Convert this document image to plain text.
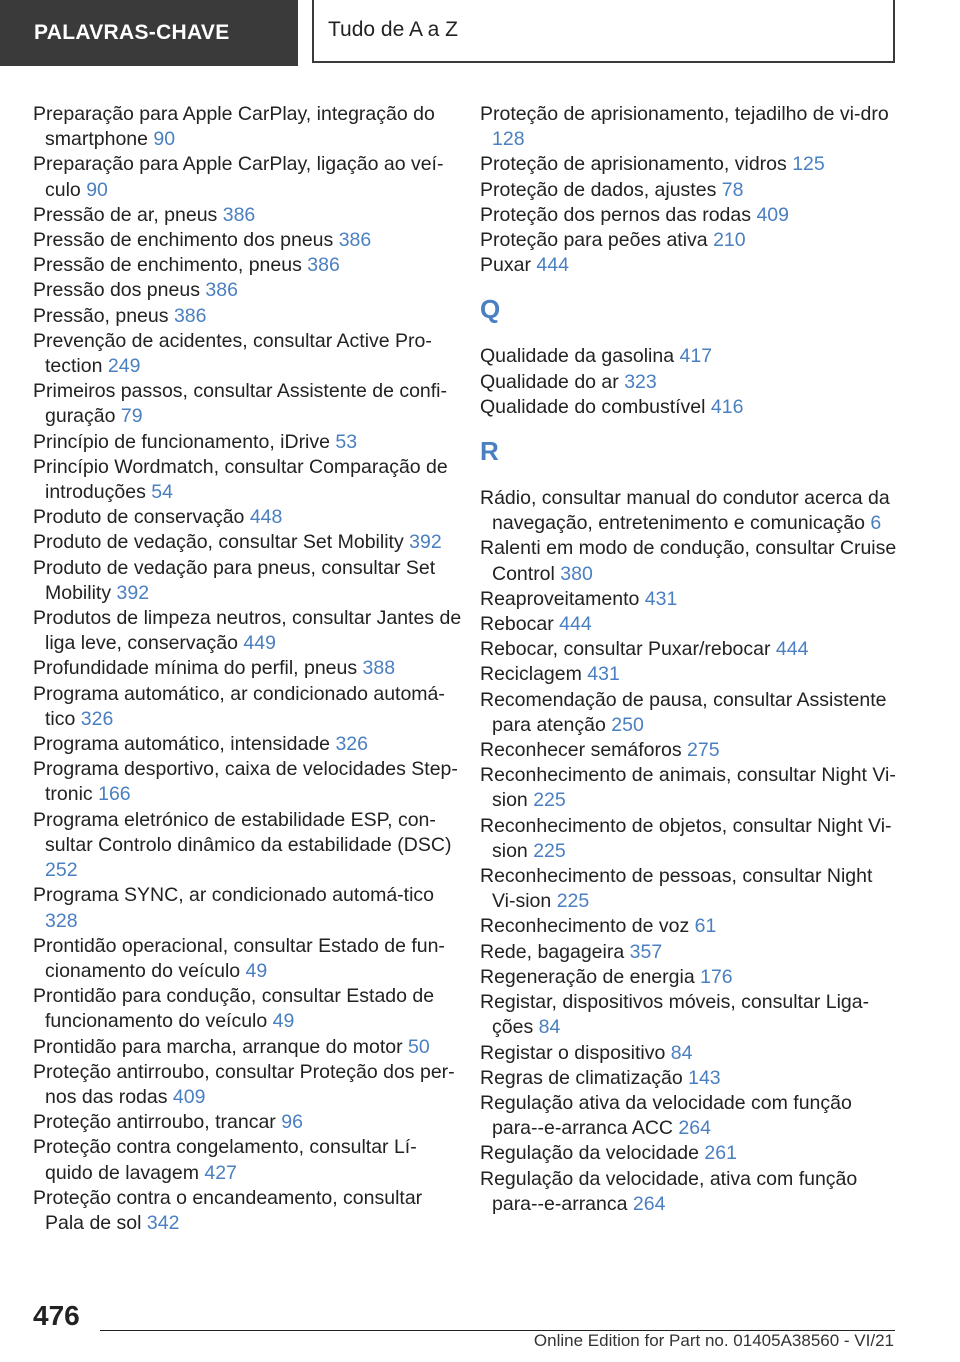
PALAVRAS-CHAVE	Tudo de A a Z
Preparação para Apple CarPlay, integração do smartphone 90
Preparação para Apple CarPlay, ligação ao veí-culo 90
Pressão de ar, pneus 386
Pressão de enchimento dos pneus 386
Pressão de enchimento, pneus 386
Pressão dos pneus 386
Pressão, pneus 386
Prevenção de acidentes, consultar Active Pro-tection 249
Primeiros passos, consultar Assistente de confi-guração 79
Princípio de funcionamento, iDrive 53
Princípio Wordmatch, consultar Comparação de introduções 54
Produto de conservação 448
Produto de vedação, consultar Set Mobility 392
Produto de vedação para pneus, consultar Set Mobility 392
Produtos de limpeza neutros, consultar Jantes de liga leve, conservação 449
Profundidade mínima do perfil, pneus 388
Programa automático, ar condicionado automá-tico 326
Programa automático, intensidade 326
Programa desportivo, caixa de velocidades Step-tronic 166
Programa eletrónico de estabilidade ESP, con-sultar Controlo dinâmico da estabilidade (DSC) 252
Programa SYNC, ar condicionado automá-tico 328
Prontidão operacional, consultar Estado de fun-cionamento do veículo 49
Prontidão para condução, consultar Estado de funcionamento do veículo 49
Prontidão para marcha, arranque do motor 50
Proteção antirroubo, consultar Proteção dos per-nos das rodas 409
Proteção antirroubo, trancar 96
Proteção contra congelamento, consultar Lí-quido de lavagem 427
Proteção contra o encandeamento, consultar Pala de sol 342
Proteção de aprisionamento, tejadilho de vi-dro 128
Proteção de aprisionamento, vidros 125
Proteção de dados, ajustes 78
Proteção dos pernos das rodas 409
Proteção para peões ativa 210
Puxar 444
Q
Qualidade da gasolina 417
Qualidade do ar 323
Qualidade do combustível 416
R
Rádio, consultar manual do condutor acerca da navegação, entretenimento e comunicação 6
Ralenti em modo de condução, consultar Cruise Control 380
Reaproveitamento 431
Rebocar 444
Rebocar, consultar Puxar/rebocar 444
Reciclagem 431
Recomendação de pausa, consultar Assistente para atenção 250
Reconhecer semáforos 275
Reconhecimento de animais, consultar Night Vi-sion 225
Reconhecimento de objetos, consultar Night Vi-sion 225
Reconhecimento de pessoas, consultar Night Vi-sion 225
Reconhecimento de voz 61
Rede, bagageira 357
Regeneração de energia 176
Registar, dispositivos móveis, consultar Liga-ções 84
Registar o dispositivo 84
Regras de climatização 143
Regulação ativa da velocidade com função para--e-arranca ACC 264
Regulação da velocidade 261
Regulação da velocidade, ativa com função para--e-arranca 264
476
Online Edition for Part no. 01405A38560 - VI/21
